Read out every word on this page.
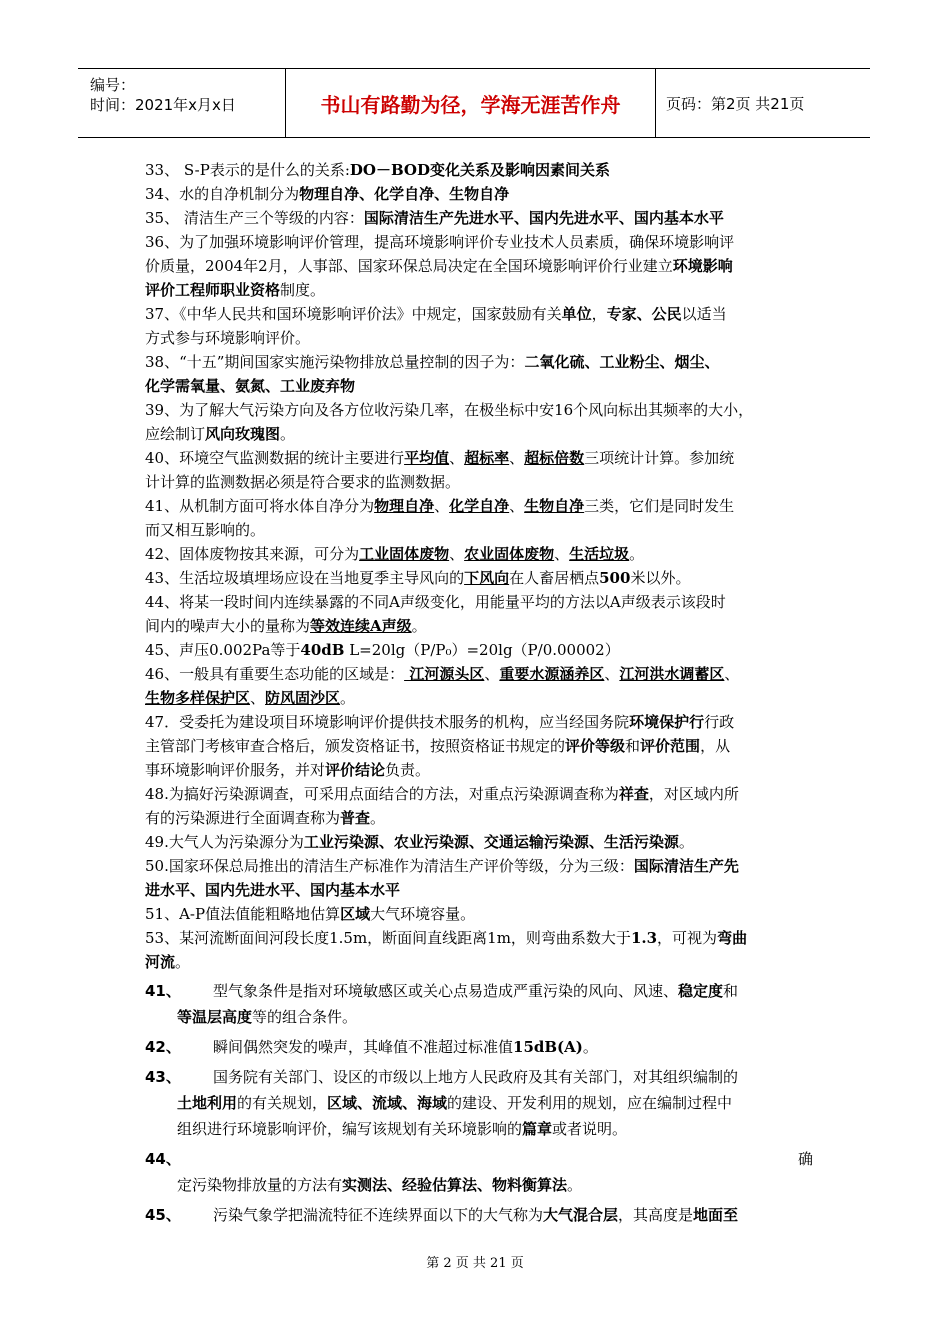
编号：
时间：2021年x月x日	书山有路勤为径，学海无涯苦作舟	页码：第2页 共21页
33、 S-P表示的是什么的关系:DO－BOD变化关系及影响因素间关系
34、水的自净机制分为物理自净、化学自净、生物自净
35、 清洁生产三个等级的内容：国际清洁生产先进水平、国内先进水平、国内基本水平
36、为了加强环境影响评价管理，提高环境影响评价专业技术人员素质，确保环境影响评
价质量，2004年2月，人事部、国家环保总局决定在全国环境影响评价行业建立环境影响
评价工程师职业资格制度。
37、《中华人民共和国环境影响评价法》中规定，国家鼓励有关单位，专家、公民以适当
方式参与环境影响评价。
38、“十五”期间国家实施污染物排放总量控制的因子为：二氧化硫、工业粉尘、烟尘、
化学需氧量、氨氮、工业废弃物
39、为了解大气污染方向及各方位收污染几率，在极坐标中安16个风向标出其频率的大小，
应绘制订风向玫瑰图。
40、环境空气监测数据的统计主要进行平均值、超标率、超标倍数三项统计计算。参加统
计计算的监测数据必须是符合要求的监测数据。
41、从机制方面可将水体自净分为物理自净、化学自净、生物自净三类，它们是同时发生
而又相互影响的。
42、固体废物按其来源，可分为工业固体废物、农业固体废物、生活垃圾。
43、生活垃圾填埋场应设在当地夏季主导风向的下风向在人畜居栖点500米以外。
44、将某一段时间内连续暴露的不同A声级变化，用能量平均的方法以A声级表示该段时
间内的噪声大小的量称为等效连续A声级。
45、声压0.002Pa等于40dB L=20lg（P/P₀）=20lg（P/0.00002）
46、一般具有重要生态功能的区域是： 江河源头区、重要水源涵养区、江河洪水调蓄区、
生物多样保护区、防风固沙区。
47．受委托为建设项目环境影响评价提供技术服务的机构，应当经国务院环境保护行行政
主管部门考核审查合格后，颁发资格证书，按照资格证书规定的评价等级和评价范围，从
事环境影响评价服务，并对评价结论负责。
48.为搞好污染源调查，可采用点面结合的方法，对重点污染源调查称为祥查，对区域内所
有的污染源进行全面调查称为普查。
49.大气人为污染源分为工业污染源、农业污染源、交通运输污染源、生活污染源。
50.国家环保总局推出的清洁生产标准作为清洁生产评价等级，分为三级：国际清洁生产先
进水平、国内先进水平、国内基本水平
51、A-P值法值能粗略地估算区域大气环境容量。
53、某河流断面间河段长度1.5m，断面间直线距离1m，则弯曲系数大于1.3，可视为弯曲
河流。
41、 型气象条件是指对环境敏感区或关心点易造成严重污染的风向、风速、稳定度和
等温层高度等的组合条件。
42、 瞬间偶然突发的噪声，其峰值不准超过标准值15dB(A)。
43、 国务院有关部门、设区的市级以上地方人民政府及其有关部门，对其组织编制的
土地利用的有关规划，区域、流域、海域的建设、开发利用的规划，应在编制过程中
组织进行环境影响评价，编写该规划有关环境影响的篇章或者说明。
44、	确
定污染物排放量的方法有实测法、经验估算法、物料衡算法。
45、 污染气象学把湍流特征不连续界面以下的大气称为大气混合层，其高度是地面至
第 2 页 共 21 页
